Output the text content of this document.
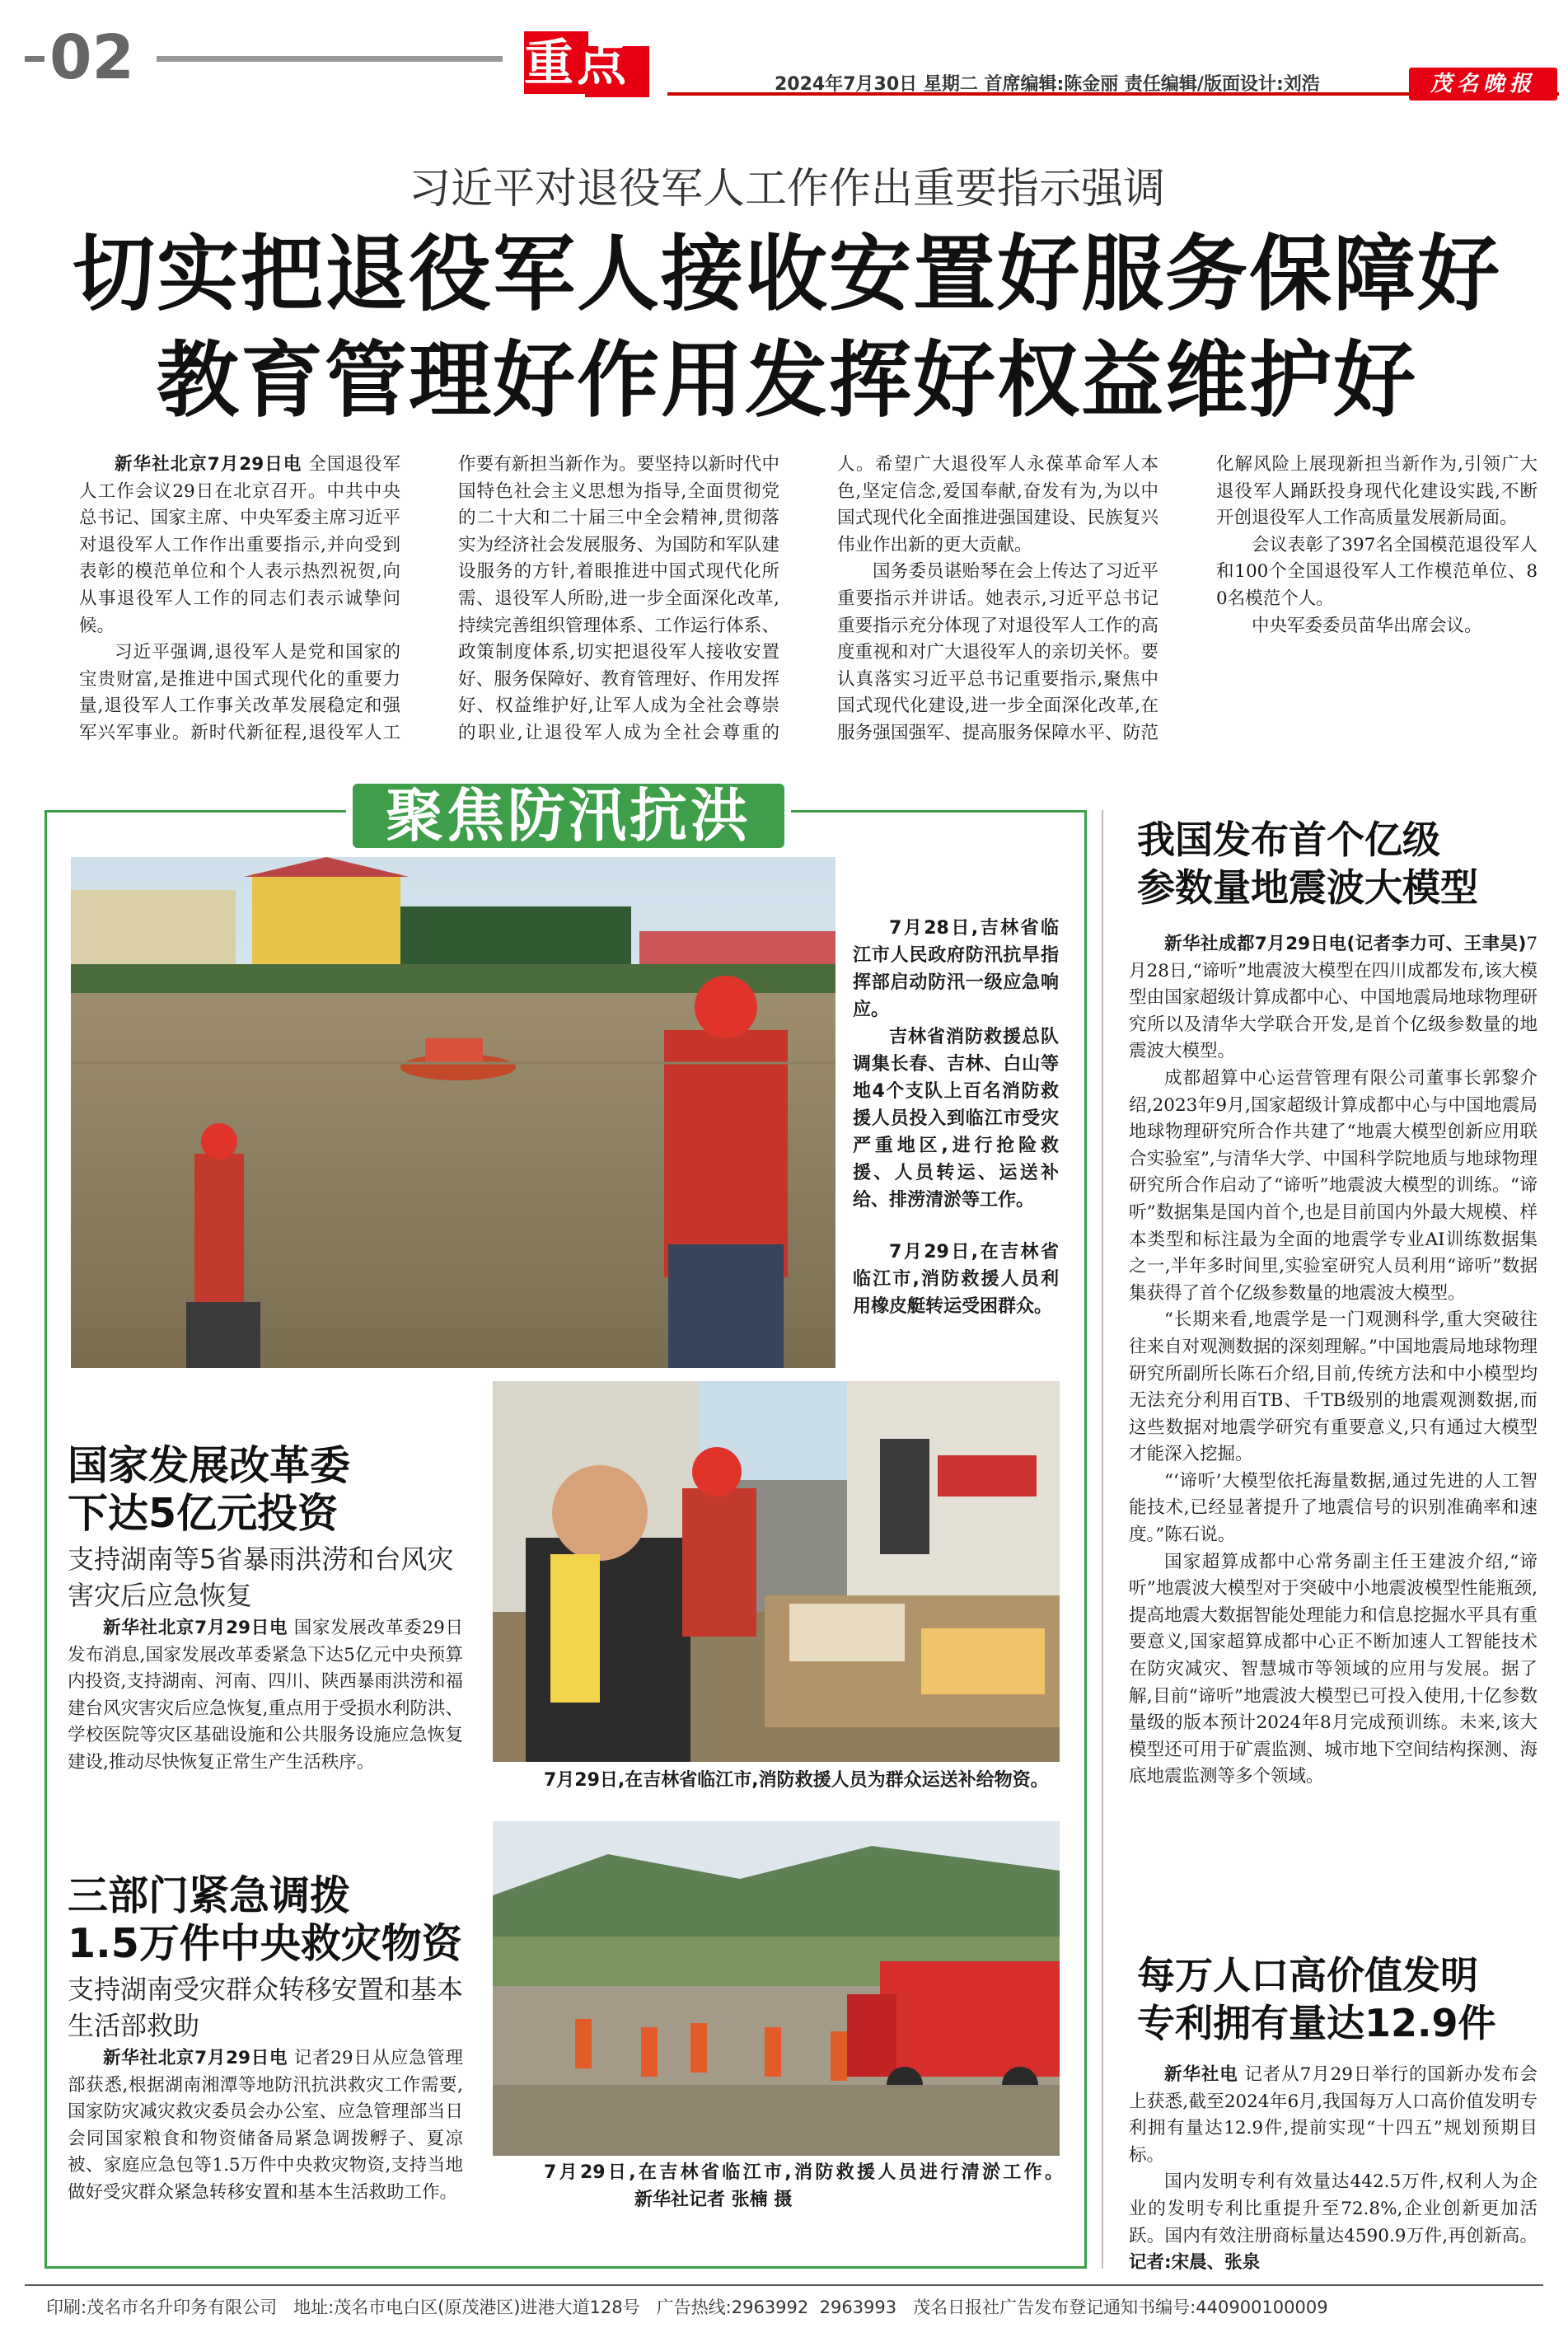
02	重点	2024年7月30日 星期二 首席编辑:陈金丽 责任编辑/版面设计:刘浩	茂名晚报
习近平对退役军人工作作出重要指示强调
切实把退役军人接收安置好服务保障好
教育管理好作用发挥好权益维护好

新华社北京7月29日电 全国退役军人工作会议29日在北京召开。中共中央总书记、国家主席、中央军委主席习近平对退役军人工作作出重要指示,并向受到表彰的模范单位和个人表示热烈祝贺,向从事退役军人工作的同志们表示诚挚问候。

习近平强调,退役军人是党和国家的宝贵财富,是推进中国式现代化的重要力量,退役军人工作事关改革发展稳定和强军兴军事业。新时代新征程,退役军人工作要有新担当新作为。要坚持以新时代中国特色社会主义思想为指导,全面贯彻党的二十大和二十届三中全会精神,贯彻落实为经济社会发展服务、为国防和军队建设服务的方针,着眼推进中国式现代化所需、退役军人所盼,进一步全面深化改革,持续完善组织管理体系、工作运行体系、政策制度体系,切实把退役军人接收安置好、服务保障好、教育管理好、作用发挥好、权益维护好,让军人成为全社会尊崇的职业,让退役军人成为全社会尊重的人。希望广大退役军人永葆革命军人本色,坚定信念,爱国奉献,奋发有为,为以中国式现代化全面推进强国建设、民族复兴伟业作出新的更大贡献。

国务委员谌贻琴在会上传达了习近平重要指示并讲话。她表示,习近平总书记重要指示充分体现了对退役军人工作的高度重视和对广大退役军人的亲切关怀。要认真落实习近平总书记重要指示,聚焦中国式现代化建设,进一步全面深化改革,在服务强国强军、提高服务保障水平、防范化解风险上展现新担当新作为,引领广大退役军人踊跃投身现代化建设实践,不断开创退役军人工作高质量发展新局面。

会议表彰了397名全国模范退役军人和100个全国退役军人工作模范单位、80名模范个人。

中央军委委员苗华出席会议。

聚焦防汛抗洪

7月28日,吉林省临江市人民政府防汛抗旱指挥部启动防汛一级应急响应。

吉林省消防救援总队调集长春、吉林、白山等地4个支队上百名消防救援人员投入到临江市受灾严重地区,进行抢险救援、人员转运、运送补给、排涝清淤等工作。

7月29日,在吉林省临江市,消防救援人员利用橡皮艇转运受困群众。

国家发展改革委
下达5亿元投资
支持湖南等5省暴雨洪涝和台风灾害灾后应急恢复

新华社北京7月29日电 国家发展改革委29日发布消息,国家发展改革委紧急下达5亿元中央预算内投资,支持湖南、河南、四川、陕西暴雨洪涝和福建台风灾害灾后应急恢复,重点用于受损水利防洪、学校医院等灾区基础设施和公共服务设施应急恢复建设,推动尽快恢复正常生产生活秩序。

7月29日,在吉林省临江市,消防救援人员为群众运送补给物资。
三部门紧急调拨
1.5万件中央救灾物资
支持湖南受灾群众转移安置和基本生活部救助

新华社北京7月29日电 记者29日从应急管理部获悉,根据湖南湘潭等地防汛抗洪救灾工作需要,国家防灾减灾救灾委员会办公室、应急管理部当日会同国家粮食和物资储备局紧急调拨孵子、夏凉被、家庭应急包等1.5万件中央救灾物资,支持当地做好受灾群众紧急转移安置和基本生活救助工作。

7月29日,在吉林省临江市,消防救援人员进行清淤工作。 新华社记者 张楠 摄
我国发布首个亿级
参数量地震波大模型

新华社成都7月29日电(记者李力可、王聿昊)7月28日,“谛听”地震波大模型在四川成都发布,该大模型由国家超级计算成都中心、中国地震局地球物理研究所以及清华大学联合开发,是首个亿级参数量的地震波大模型。

成都超算中心运营管理有限公司董事长郭黎介绍,2023年9月,国家超级计算成都中心与中国地震局地球物理研究所合作共建了“地震大模型创新应用联合实验室”,与清华大学、中国科学院地质与地球物理研究所合作启动了“谛听”地震波大模型的训练。“谛听”数据集是国内首个,也是目前国内外最大规模、样本类型和标注最为全面的地震学专业AI训练数据集之一,半年多时间里,实验室研究人员利用“谛听”数据集获得了首个亿级参数量的地震波大模型。

“长期来看,地震学是一门观测科学,重大突破往往来自对观测数据的深刻理解。”中国地震局地球物理研究所副所长陈石介绍,目前,传统方法和中小模型均无法充分利用百TB、千TB级别的地震观测数据,而这些数据对地震学研究有重要意义,只有通过大模型才能深入挖掘。

“‘谛听’大模型依托海量数据,通过先进的人工智能技术,已经显著提升了地震信号的识别准确率和速度。”陈石说。

国家超算成都中心常务副主任王建波介绍,“谛听”地震波大模型对于突破中小地震波模型性能瓶颈,提高地震大数据智能处理能力和信息挖掘水平具有重要意义,国家超算成都中心正不断加速人工智能技术在防灾减灾、智慧城市等领域的应用与发展。据了解,目前“谛听”地震波大模型已可投入使用,十亿参数量级的版本预计2024年8月完成预训练。未来,该大模型还可用于矿震监测、城市地下空间结构探测、海底地震监测等多个领域。

每万人口高价值发明
专利拥有量达12.9件

新华社电 记者从7月29日举行的国新办发布会上获悉,截至2024年6月,我国每万人口高价值发明专利拥有量达12.9件,提前实现“十四五”规划预期目标。

国内发明专利有效量达442.5万件,权利人为企业的发明专利比重提升至72.8%,企业创新更加活跃。国内有效注册商标量达4590.9万件,再创新高。 记者:宋晨、张泉

印刷:茂名市名升印务有限公司   地址:茂名市电白区(原茂港区)进港大道128号   广告热线:2963992  2963993   茂名日报社广告发布登记通知书编号:440900100009
